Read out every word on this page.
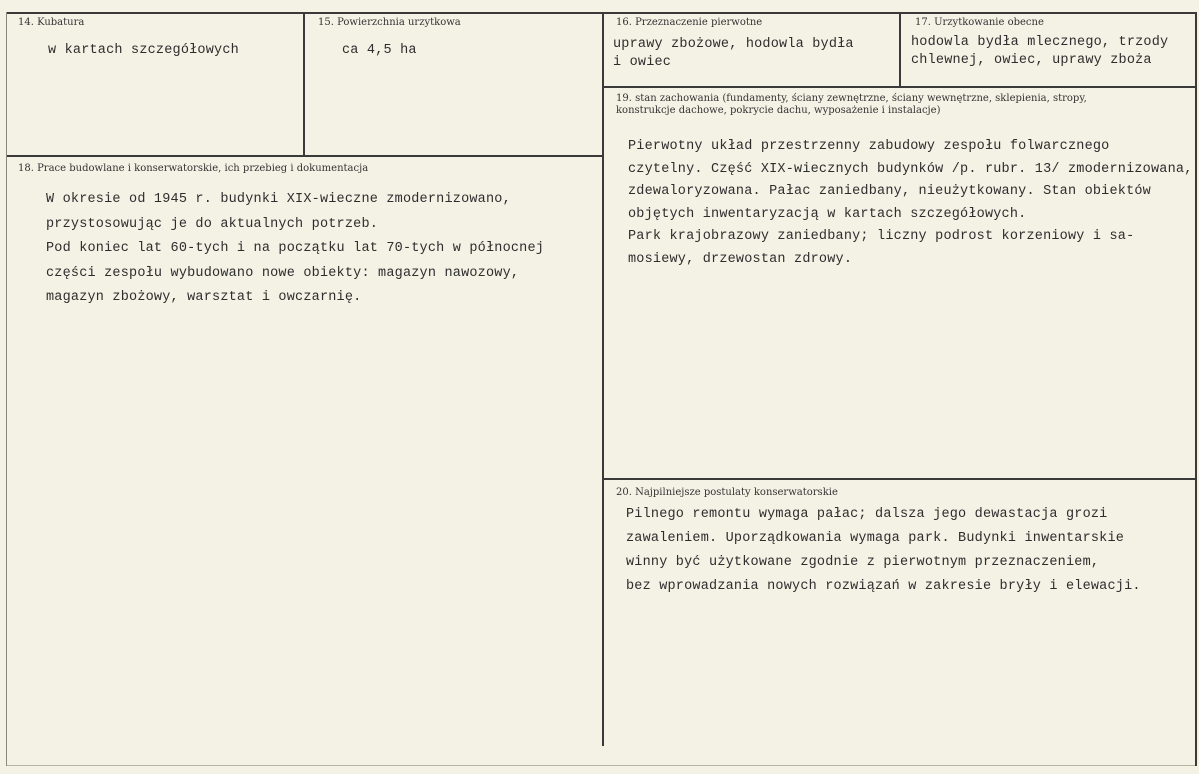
14. Kubatura
w kartach szczegółowych
15. Powierzchnia urzytkowa
ca 4,5 ha
16. Przeznaczenie pierwotne
uprawy zbożowe, hodowla bydła
i owiec
17. Urzytkowanie obecne
hodowla bydła mlecznego, trzody
chlewnej, owiec, uprawy zboża
18. Prace budowlane i konserwatorskie, ich przebieg i dokumentacja
W okresie od 1945 r. budynki XIX-wieczne zmodernizowano,
przystosowując je do aktualnych potrzeb.
Pod koniec lat 60-tych i na początku lat 70-tych w północnej
części zespołu wybudowano nowe obiekty: magazyn nawozowy,
magazyn zbożowy, warsztat i owczarnię.
19. stan zachowania (fundamenty, ściany zewnętrzne, ściany wewnętrzne, sklepienia, stropy,
konstrukcje dachowe, pokrycie dachu, wyposażenie i instalacje)
Pierwotny układ przestrzenny zabudowy zespołu folwarcznego
czytelny. Część XIX-wiecznych budynków /p. rubr. 13/ zmodernizowana,
zdewaloryzowana. Pałac zaniedbany, nieużytkowany. Stan obiektów
objętych inwentaryzacją w kartach szczegółowych.
Park krajobrazowy zaniedbany; liczny podrost korzeniowy i sa-
mosiewy, drzewostan zdrowy.
20. Najpilniejsze postulaty konserwatorskie
Pilnego remontu wymaga pałac; dalsza jego dewastacja grozi
zawaleniem. Uporządkowania wymaga park. Budynki inwentarskie
winny być użytkowane zgodnie z pierwotnym przeznaczeniem,
bez wprowadzania nowych rozwiązań w zakresie bryły i elewacji.
